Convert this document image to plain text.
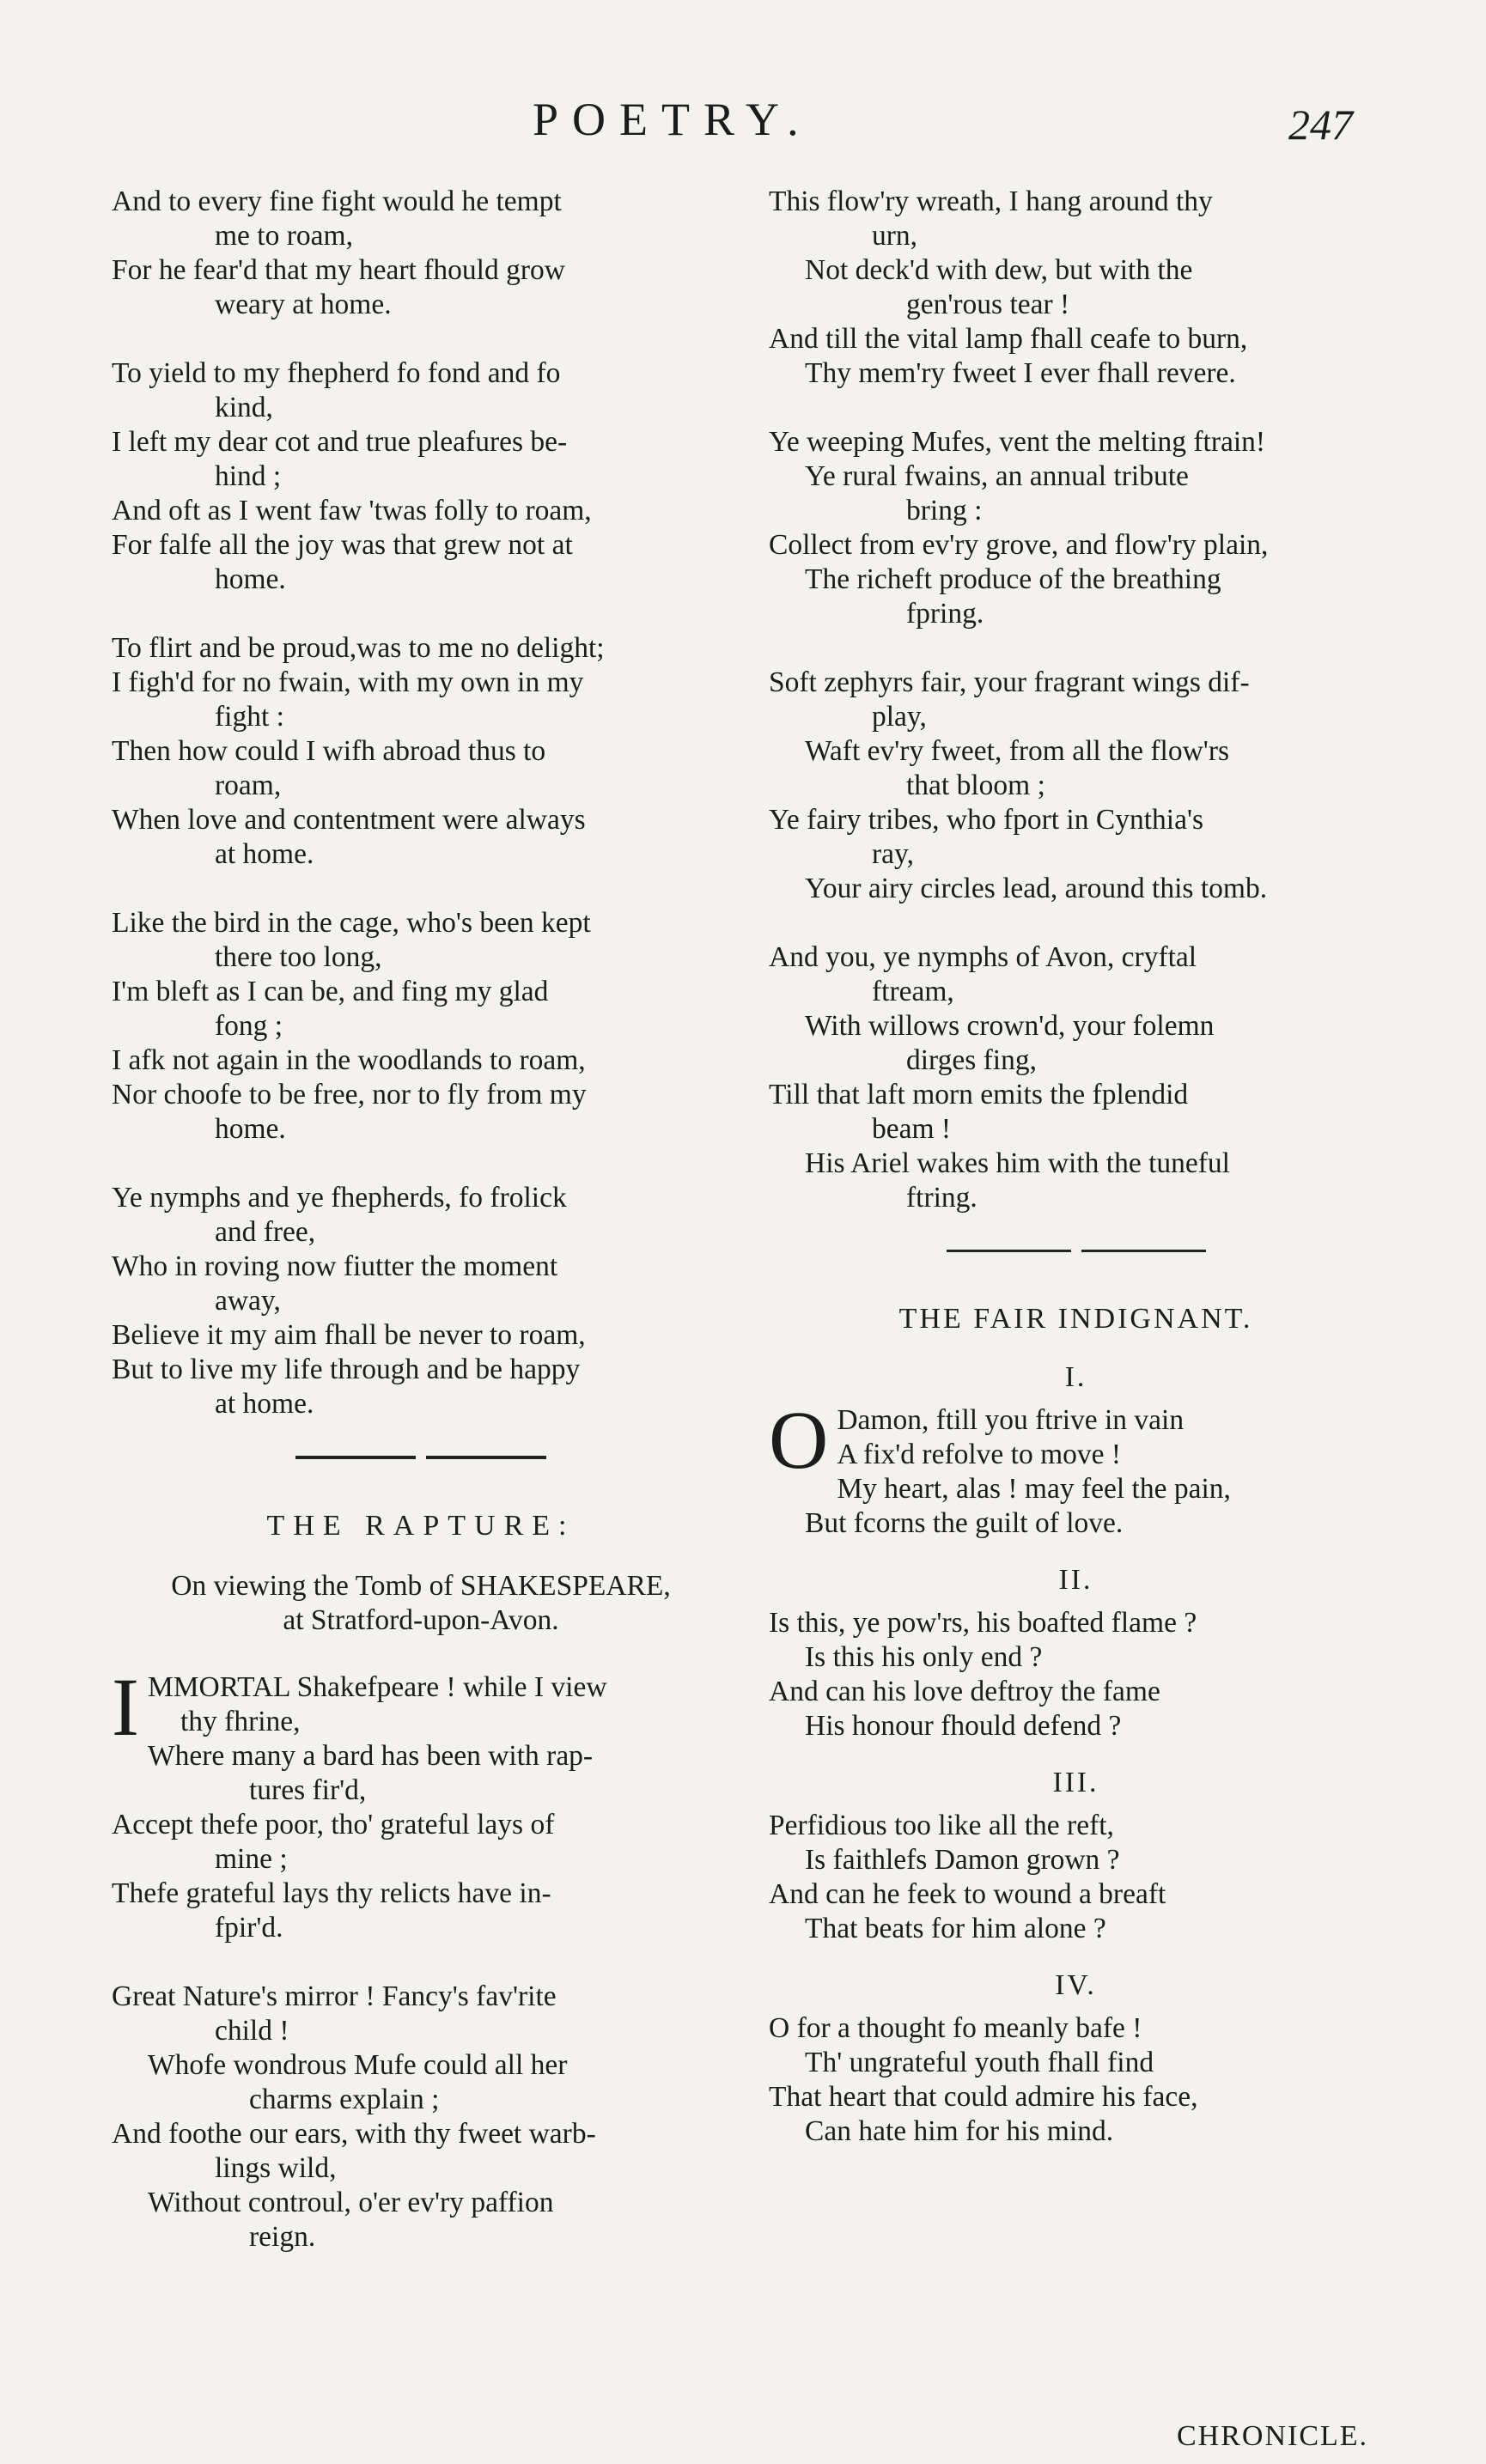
POETRY.	247
And to every fine fight would he tempt
me to roam,
For he fear'd that my heart fhould grow
weary at home.
To yield to my fhepherd fo fond and fo
kind,
I left my dear cot and true pleafures be-
hind ;
And oft as I went faw 'twas folly to roam,
For falfe all the joy was that grew not at
home.
To flirt and be proud,was to me no delight;
I figh'd for no fwain, with my own in my
fight :
Then how could I wifh abroad thus to
roam,
When love and contentment were always
at home.
Like the bird in the cage, who's been kept
there too long,
I'm bleft as I can be, and fing my glad
fong ;
I afk not again in the woodlands to roam,
Nor choofe to be free, nor to fly from my
home.
Ye nymphs and ye fhepherds, fo frolick
and free,
Who in roving now fiutter the moment
away,
Believe it my aim fhall be never to roam,
But to live my life through and be happy
at home.
THE RAPTURE:
On viewing the Tomb of SHAKESPEARE,
at Stratford-upon-Avon.
I MMORTAL Shakefpeare ! while I view
thy fhrine,
Where many a bard has been with rap-
tures fir'd,
Accept thefe poor, tho' grateful lays of
mine ;
Thefe grateful lays thy relicts have in-
fpir'd.
Great Nature's mirror ! Fancy's fav'rite
child !
Whofe wondrous Mufe could all her
charms explain ;
And foothe our ears, with thy fweet warb-
lings wild,
Without controul, o'er ev'ry paffion
reign.
This flow'ry wreath, I hang around thy
urn,
Not deck'd with dew, but with the
gen'rous tear !
And till the vital lamp fhall ceafe to burn,
Thy mem'ry fweet I ever fhall revere.
Ye weeping Mufes, vent the melting ftrain!
Ye rural fwains, an annual tribute
bring :
Collect from ev'ry grove, and flow'ry plain,
The richeft produce of the breathing
fpring.
Soft zephyrs fair, your fragrant wings dif-
play,
Waft ev'ry fweet, from all the flow'rs
that bloom ;
Ye fairy tribes, who fport in Cynthia's
ray,
Your airy circles lead, around this tomb.
And you, ye nymphs of Avon, cryftal
ftream,
With willows crown'd, your folemn
dirges fing,
Till that laft morn emits the fplendid
beam !
His Ariel wakes him with the tuneful
ftring.
THE FAIR INDIGNANT.
I.
O Damon, ftill you ftrive in vain
A fix'd refolve to move !
My heart, alas ! may feel the pain,
But fcorns the guilt of love.
II.
Is this, ye pow'rs, his boafted flame ?
Is this his only end ?
And can his love deftroy the fame
His honour fhould defend ?
III.
Perfidious too like all the reft,
Is faithlefs Damon grown ?
And can he feek to wound a breaft
That beats for him alone ?
IV.
O for a thought fo meanly bafe !
Th' ungrateful youth fhall find
That heart that could admire his face,
Can hate him for his mind.
CHRONICLE.
